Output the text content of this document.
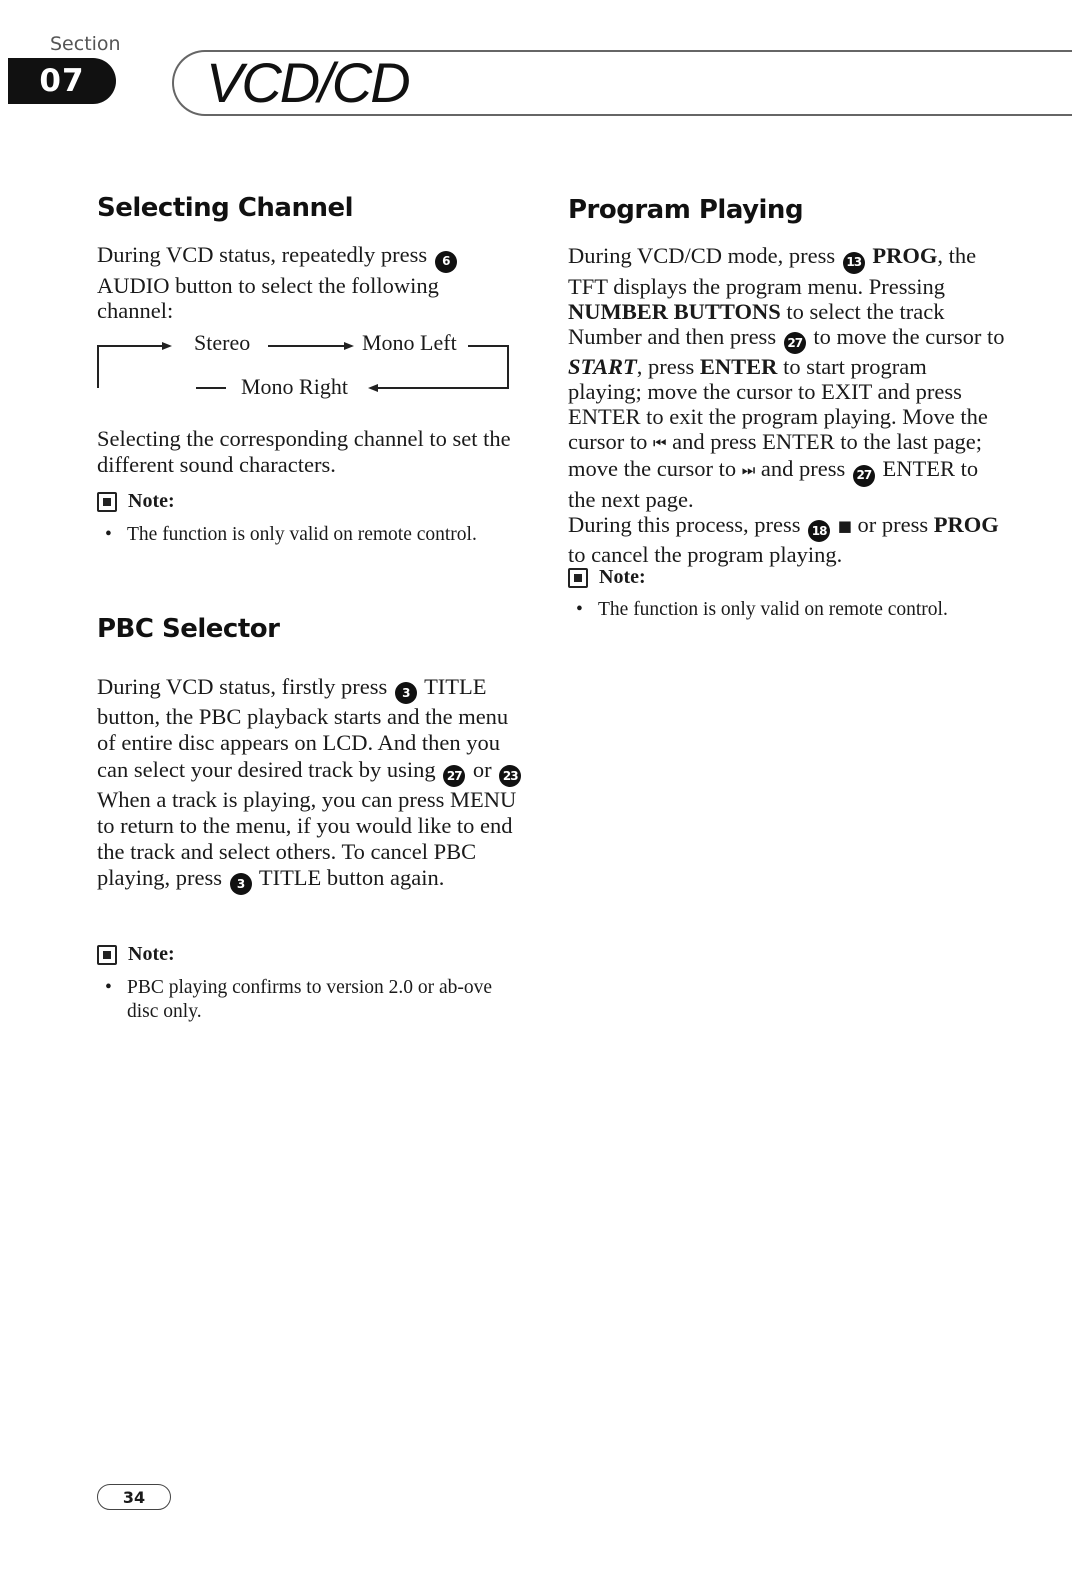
Section
07	VCD/CD
Selecting Channel

During VCD status, repeatedly press 6 AUDIO button to select the following channel:

Stereo	Mono Left
Mono Right

Selecting the corresponding channel to set the different sound characters.

Note:

• The function is only valid on remote control.

PBC Selector

During VCD status, firstly press 3 TITLE button, the PBC playback starts and the menu of entire disc appears on LCD. And then you can select your desired track by using 27 or 23 When a track is playing, you can press MENU to return to the menu, if you would like to end the track and select others. To cancel PBC playing, press 3 TITLE button again.

Note:

• PBC playing confirms to version 2.0 or ab-ove disc only.

Program Playing

During VCD/CD mode, press 13 PROG, the TFT displays the program menu. Pressing NUMBER BUTTONS to select the track Number and then press 27 to move the cursor to START, press ENTER to start program playing; move the cursor to EXIT and press ENTER to exit the program playing. Move the cursor to ⏮ and press ENTER to the last page; move the cursor to ⏭ and press 27 ENTER to the next page.
During this process, press 18 ■ or press PROG to cancel the program playing.

Note:

• The function is only valid on remote control.

34
